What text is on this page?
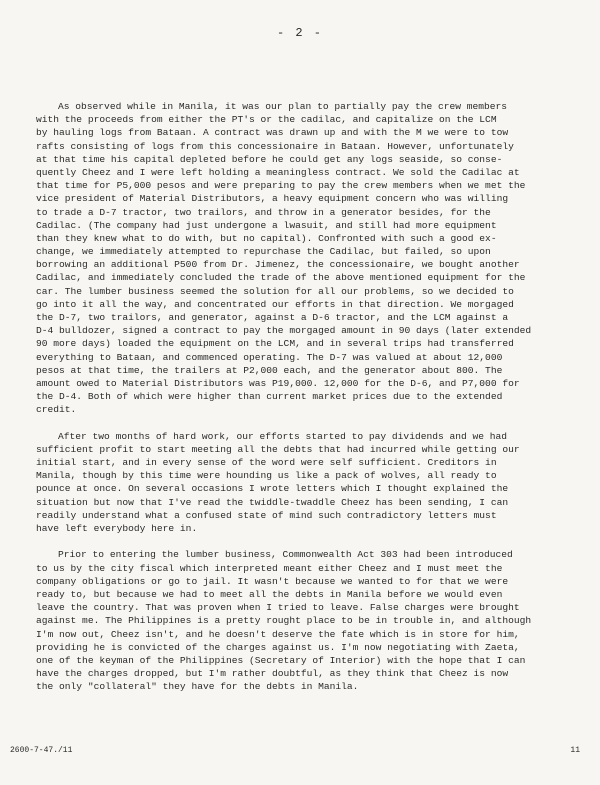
- 2 -
As observed while in Manila, it was our plan to partially pay the crew members
with the proceeds from either the PT's or the cadilac, and capitalize on the LCM
by hauling logs from Bataan. A contract was drawn up and with the M we were to tow
rafts consisting of logs from this concessionaire in Bataan. However, unfortunately
at that time his capital depleted before he could get any logs seaside, so conse-
quently Cheez and I were left holding a meaningless contract. We sold the Cadilac at
that time for P5,000 pesos and were preparing to pay the crew members when we met the
vice president of Material Distributors, a heavy equipment concern who was willing
to trade a D-7 tractor, two trailors, and throw in a generator besides, for the
Cadilac. (The company had just undergone a lwasuit, and still had more equipment
than they knew what to do with, but no capital). Confronted with such a good ex-
change, we immediately attempted to repurchase the Cadilac, but failed, so upon
borrowing an additional P500 from Dr. Jimenez, the concessionaire, we bought another
Cadilac, and immediately concluded the trade of the above mentioned equipment for the
car. The lumber business seemed the solution for all our problems, so we decided to
go into it all the way, and concentrated our efforts in that direction. We morgaged
the D-7, two trailors, and generator, against a D-6 tractor, and the LCM against a
D-4 bulldozer, signed a contract to pay the morgaged amount in 90 days (later extended
90 more days) loaded the equipment on the LCM, and in several trips had transferred
everything to Bataan, and commenced operating. The D-7 was valued at about 12,000
pesos at that time, the trailers at P2,000 each, and the generator about 800. The
amount owed to Material Distributors was P19,000. 12,000 for the D-6, and P7,000 for
the D-4. Both of which were higher than current market prices due to the extended
credit.
After two months of hard work, our efforts started to pay dividends and we had
sufficient profit to start meeting all the debts that had incurred while getting our
initial start, and in every sense of the word were self sufficient. Creditors in
Manila, though by this time were hounding us like a pack of wolves, all ready to
pounce at once. On several occasions I wrote letters which I thought explained the
situation but now that I've read the twiddle-twaddle Cheez has been sending, I can
readily understand what a confused state of mind such contradictory letters must
have left everybody here in.
Prior to entering the lumber business, Commonwealth Act 303 had been introduced
to us by the city fiscal which interpreted meant either Cheez and I must meet the
company obligations or go to jail. It wasn't because we wanted to for that we were
ready to, but because we had to meet all the debts in Manila before we would even
leave the country. That was proven when I tried to leave. False charges were brought
against me. The Philippines is a pretty rought place to be in trouble in, and although
I'm now out, Cheez isn't, and he doesn't deserve the fate which is in store for him,
providing he is convicted of the charges against us. I'm now negotiating with Zaeta,
one of the keyman of the Philippines (Secretary of Interior) with the hope that I can
have the charges dropped, but I'm rather doubtful, as they think that Cheez is now
the only "collateral" they have for the debts in Manila.
2600-7-47./11	11
